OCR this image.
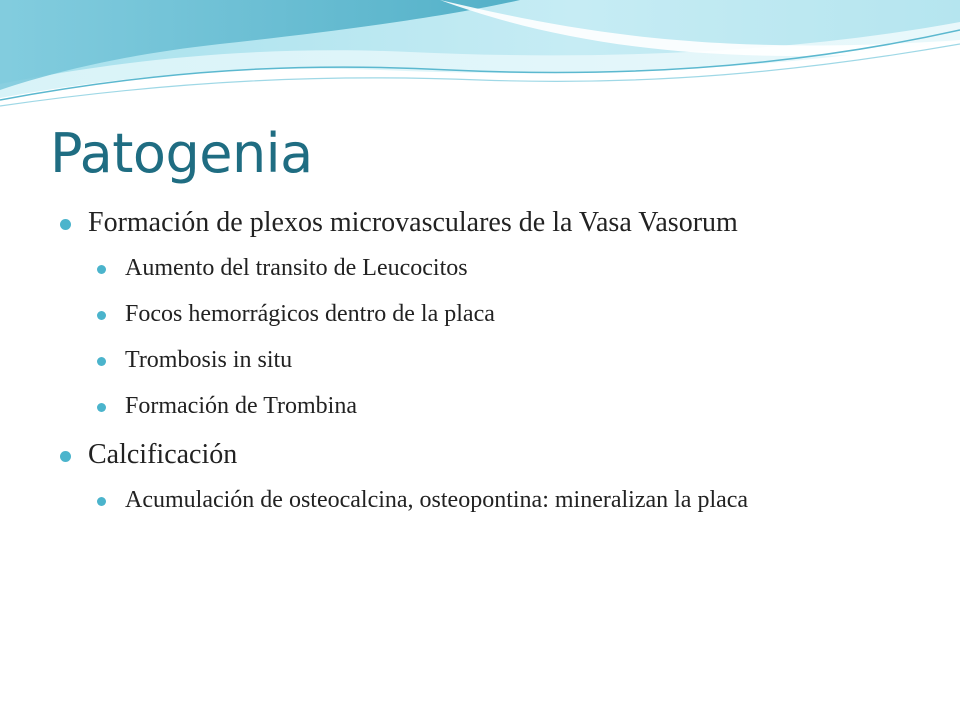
Patogenia
Formación de plexos microvasculares de la Vasa Vasorum
Aumento del transito de Leucocitos
Focos hemorrágicos dentro de la placa
Trombosis in situ
Formación de Trombina
Calcificación
Acumulación de osteocalcina, osteopontina: mineralizan la placa
